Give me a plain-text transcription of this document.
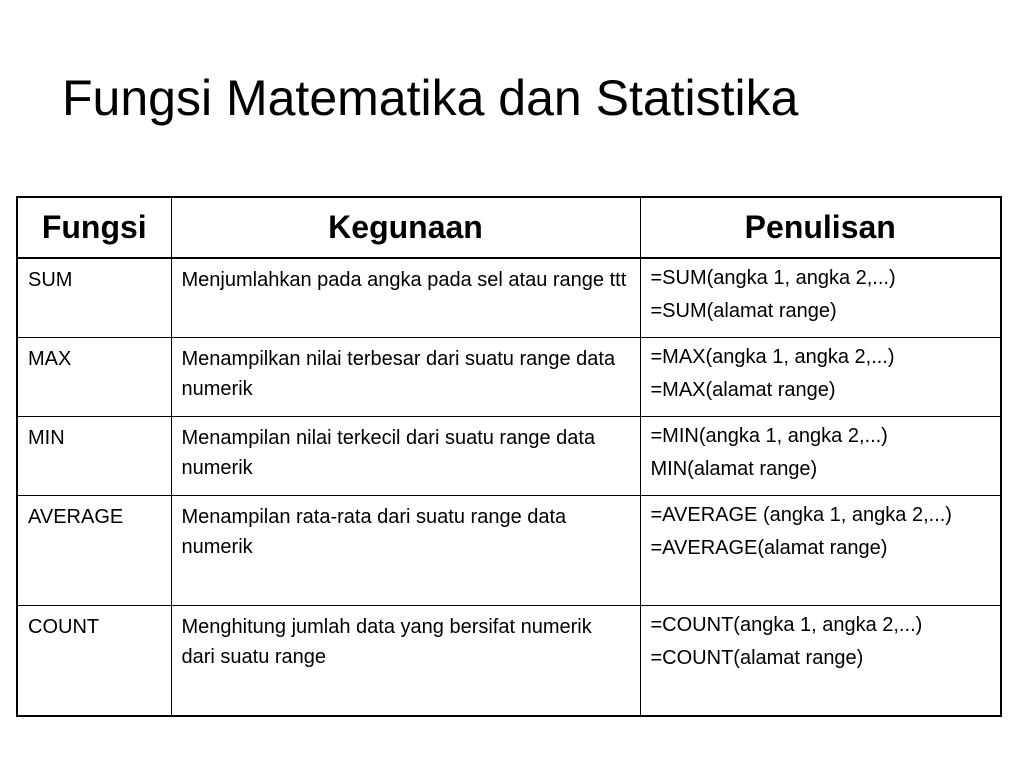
Fungsi Matematika dan Statistika
Fungsi	Kegunaan	Penulisan
SUM	Menjumlahkan pada angka pada sel atau range ttt	=SUM(angka 1, angka 2,...)
=SUM(alamat range)

MAX	Menampilkan nilai terbesar dari suatu range data numerik	=MAX(angka 1, angka 2,...)
=MAX(alamat range)

MIN	Menampilan nilai terkecil dari suatu range data numerik	=MIN(angka 1, angka 2,...)
MIN(alamat range)

AVERAGE	Menampilan rata-rata dari suatu range data numerik	=AVERAGE (angka 1, angka 2,...)
=AVERAGE(alamat range)

COUNT	Menghitung jumlah data yang bersifat numerik dari suatu range	=COUNT(angka 1, angka 2,...)
=COUNT(alamat range)
